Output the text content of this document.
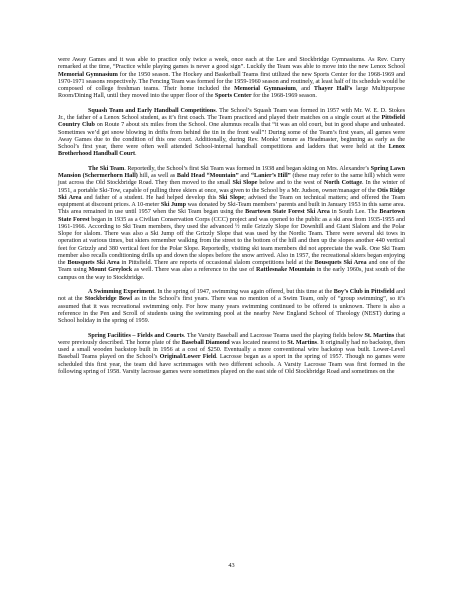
were Away Games and it was able to practice only twice a week, once each at the Lee and Stockbridge Gymnasiums. As Rev. Curry remarked at the time, “Practice while playing games is never a good sign”. Luckily the Team was able to move into the new Lenox School Memorial Gymnasium for the 1950 season. The Hockey and Basketball Teams first utilized the new Sports Center for the 1968-1969 and 1970-1971 seasons respectively. The Fencing Team was formed for the 1959-1960 season and routinely, at least half of its schedule would be composed of college freshman teams. Their home included the Memorial Gymnasium, and Thayer Hall’s large Multipurpose Room/Dining Hall, until they moved into the upper floor of the Sports Center for the 1968-1969 season.

Squash Team and Early Handball Competitions. The School’s Squash Team was formed in 1957 with Mr. W. E. D. Stokes Jr., the father of a Lenox School student, as it’s first coach. The Team practiced and played their matches on a single court at the Pittsfield Country Club on Route 7 about six miles from the School. One alumnus recalls that “it was an old court, but in good shape and unheated. Sometimes we’d get snow blowing in drifts from behind the tin in the front wall”! During some of the Team’s first years, all games were Away Games due to the condition of this one court. Additionally, during Rev. Monks’ tenure as Headmaster, beginning as early as the School’s first year, there were often well attended School-internal handball competitions and ladders that were held at the Lenox Brotherhood Handball Court.

The Ski Team. Reportedly, the School’s first Ski Team was formed in 1938 and began skiing on Mrs. Alexandre’s Spring Lawn Mansion (Schermerhorn Hall) hill, as well as Bald Head “Mountain” and “Lanier’s Hill” (these may refer to the same hill) which were just across the Old Stockbridge Road. They then moved to the small Ski Slope below and to the west of North Cottage. In the winter of 1951, a portable Ski-Tow, capable of pulling three skiers at once, was given to the School by a Mr. Judson, owner/manager of the Otis Ridge Ski Area and father of a student. He had helped develop this Ski Slope; advised the Team on technical matters; and offered the Team equipment at discount prices. A 10-meter Ski Jump was donated by Ski-Team members’ parents and built in January 1953 in this same area. This area remained in use until 1957 when the Ski Team began using the Beartown State Forest Ski Area in South Lee. The Beartown State Forest began in 1935 as a Civilian Conservation Corps (CCC) project and was opened to the public as a ski area from 1935-1955 and 1961-1966. According to Ski Team members, they used the advanced ½ mile Grizzly Slope for Downhill and Giant Slalom and the Polar Slope for slalom. There was also a Ski Jump off the Grizzly Slope that was used by the Nordic Team. There were several ski tows in operation at various times, but skiers remember walking from the street to the bottom of the hill and then up the slopes another 440 vertical feet for Grizzly and 380 vertical feet for the Polar Slope. Reportedly, visiting ski team members did not appreciate the walk. One Ski Team member also recalls conditioning drills up and down the slopes before the snow arrived. Also in 1957, the recreational skiers began enjoying the Bousquets Ski Area in Pittsfield. There are reports of occasional slalom competitions held at the Bousquets Ski Area and one of the Team using Mount Greylock as well. There was also a reference to the use of Rattlesnake Mountain in the early 1960s, just south of the campus on the way to Stockbridge.

A Swimming Experiment. In the spring of 1947, swimming was again offered, but this time at the Boy’s Club in Pittsfield and not at the Stockbridge Bowl as in the School’s first years. There was no mention of a Swim Team, only of “group swimming”, so it’s assumed that it was recreational swimming only. For how many years swimming continued to be offered is unknown. There is also a reference in the Pen and Scroll of students using the swimming pool at the nearby New England School of Theology (NEST) during a School holiday in the spring of 1959.

Spring Facilities – Fields and Courts. The Varsity Baseball and Lacrosse Teams used the playing fields below St. Martins that were previously described. The home plate of the Baseball Diamond was located nearest to St. Martins. It originally had no backstop, then used a small wooden backstop built in 1956 at a cost of $250. Eventually a more conventional wire backstop was built. Lower-Level Baseball Teams played on the School’s Original/Lower Field. Lacrosse began as a sport in the spring of 1957. Though no games were scheduled this first year, the team did have scrimmages with two different schools. A Varsity Lacrosse Team was first formed in the following spring of 1958. Varsity lacrosse games were sometimes played on the east side of Old Stockbridge Road and sometimes on the

43
